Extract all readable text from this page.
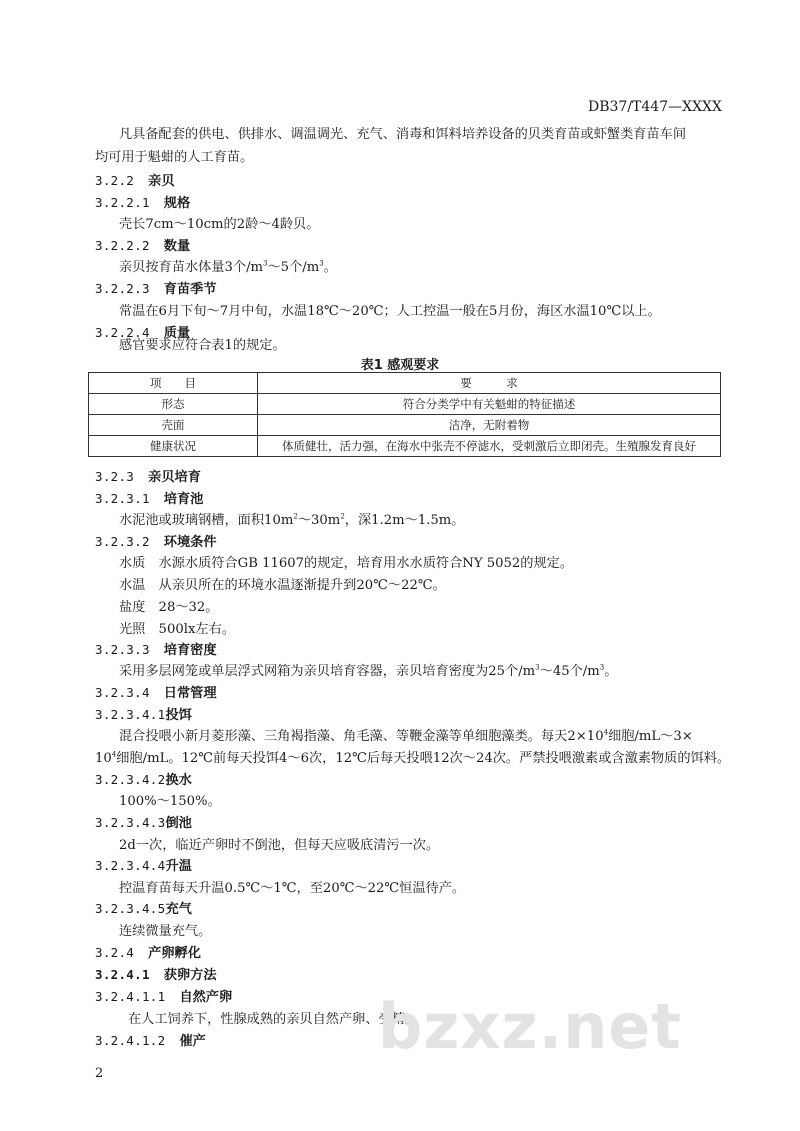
DB37/T447—XXXX
凡具备配套的供电、供排水、调温调光、充气、消毒和饵料培养设备的贝类育苗或虾蟹类育苗车间
均可用于魁蚶的人工育苗。
3.2.2 亲贝
3.2.2.1 规格
壳长7cm～10cm的2龄～4龄贝。
3.2.2.2 数量
亲贝按育苗水体量3个$/m^3\sim 5$个$/m^3$。
3.2.2.3 育苗季节
常温在6月下旬～7月中旬，水温18℃～20℃；人工控温一般在5月份，海区水温10℃以上。
3.2.2.4 质量
感官要求应符合表1的规定。
表1 感观要求
项　　目	要　　　求
形态	符合分类学中有关魁蚶的特征描述
壳面	洁净，无附着物
健康状况	体质健壮，活力强，在海水中张壳不停滤水，受刺激后立即闭壳。生殖腺发育良好
3.2.3 亲贝培育
3.2.3.1 培育池
水泥池或玻璃钢槽，面积$10m^2\sim 30m^2$，深1.2m～1.5m。
3.2.3.2 环境条件
水质　水源水质符合GB 11607的规定，培育用水水质符合NY 5052的规定。
水温　从亲贝所在的环境水温逐渐提升到20℃～22℃。
盐度　28～32。
光照　500lx左右。
3.2.3.3 培育密度
采用多层网笼或单层浮式网箱为亲贝培育容器，亲贝培育密度为25个$/m^3\sim 45$个$/m^3$。
3.2.3.4 日常管理
3.2.3.4.1投饵
混合投喂小新月菱形藻、三角褐指藻、角毛藻、等鞭金藻等单细胞藻类。每天$2\times 10^4$细胞/mL～3×
$10^4$细胞/mL。12℃前每天投饵4～6次，12℃后每天投喂12次～24次。严禁投喂激素或含激素物质的饵料。
3.2.3.4.2换水
100%～150%。
3.2.3.4.3倒池
2d一次，临近产卵时不倒池，但每天应吸底清污一次。
3.2.3.4.4升温
控温育苗每天升温0.5℃～1℃，至20℃～22℃恒温待产。
3.2.3.4.5充气
连续微量充气。
3.2.4 产卵孵化
3.2.4.1 获卵方法
3.2.4.1.1 自然产卵
在人工饲养下，性腺成熟的亲贝自然产卵、受精。
3.2.4.1.2 催产	bzxz.net
2
